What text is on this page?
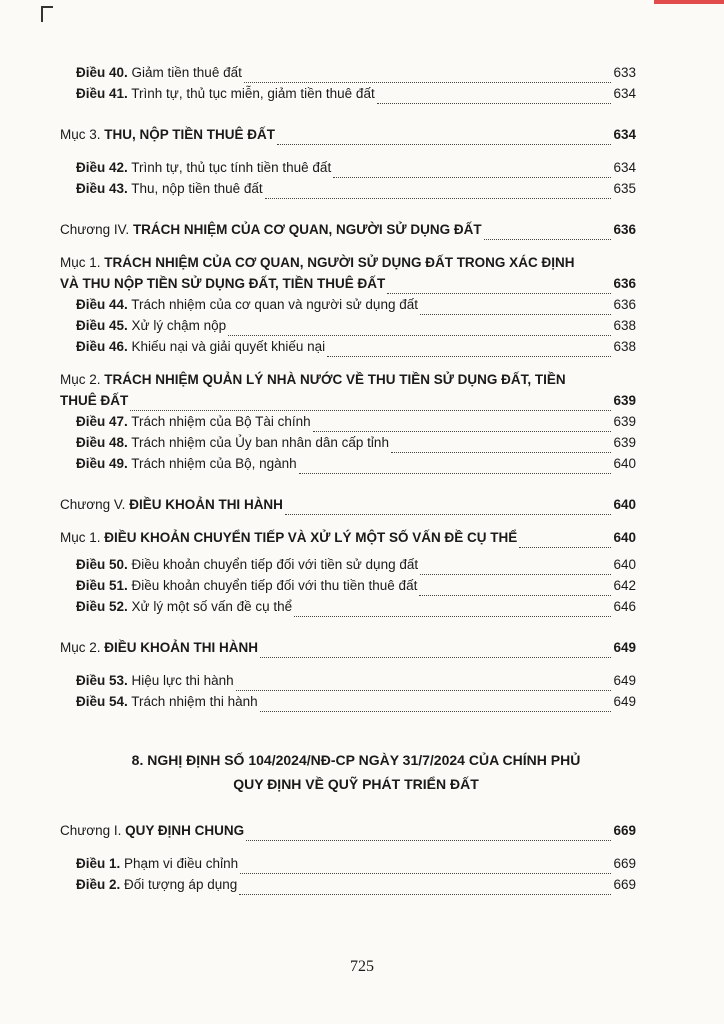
Điều 40. Giảm tiền thuê đất	633
Điều 41. Trình tự, thủ tục miễn, giảm tiền thuê đất	634
Mục 3. THU, NỘP TIỀN THUÊ ĐẤT	634
Điều 42. Trình tự, thủ tục tính tiền thuê đất	634
Điều 43. Thu, nộp tiền thuê đất	635
Chương IV. TRÁCH NHIỆM CỦA CƠ QUAN, NGƯỜI SỬ DỤNG ĐẤT	636
Mục 1. TRÁCH NHIỆM CỦA CƠ QUAN, NGƯỜI SỬ DỤNG ĐẤT TRONG XÁC ĐỊNH
VÀ THU NỘP TIỀN SỬ DỤNG ĐẤT, TIỀN THUÊ ĐẤT	636
Điều 44. Trách nhiệm của cơ quan và người sử dụng đất	636
Điều 45. Xử lý chậm nộp	638
Điều 46. Khiếu nại và giải quyết khiếu nại	638
Mục 2. TRÁCH NHIỆM QUẢN LÝ NHÀ NƯỚC VỀ THU TIỀN SỬ DỤNG ĐẤT, TIỀN
THUÊ ĐẤT	639
Điều 47. Trách nhiệm của Bộ Tài chính	639
Điều 48. Trách nhiệm của Ủy ban nhân dân cấp tỉnh	639
Điều 49. Trách nhiệm của Bộ, ngành	640
Chương V. ĐIỀU KHOẢN THI HÀNH	640
Mục 1. ĐIỀU KHOẢN CHUYỂN TIẾP VÀ XỬ LÝ MỘT SỐ VẤN ĐỀ CỤ THỂ	640
Điều 50. Điều khoản chuyển tiếp đối với tiền sử dụng đất	640
Điều 51. Điều khoản chuyển tiếp đối với thu tiền thuê đất	642
Điều 52. Xử lý một số vấn đề cụ thể	646
Mục 2. ĐIỀU KHOẢN THI HÀNH	649
Điều 53. Hiệu lực thi hành	649
Điều 54. Trách nhiệm thi hành	649
8. NGHỊ ĐỊNH SỐ 104/2024/NĐ-CP NGÀY 31/7/2024 CỦA CHÍNH PHỦ
QUY ĐỊNH VỀ QUỸ PHÁT TRIỂN ĐẤT
Chương I. QUY ĐỊNH CHUNG	669
Điều 1. Phạm vi điều chỉnh	669
Điều 2. Đối tượng áp dụng	669
725
